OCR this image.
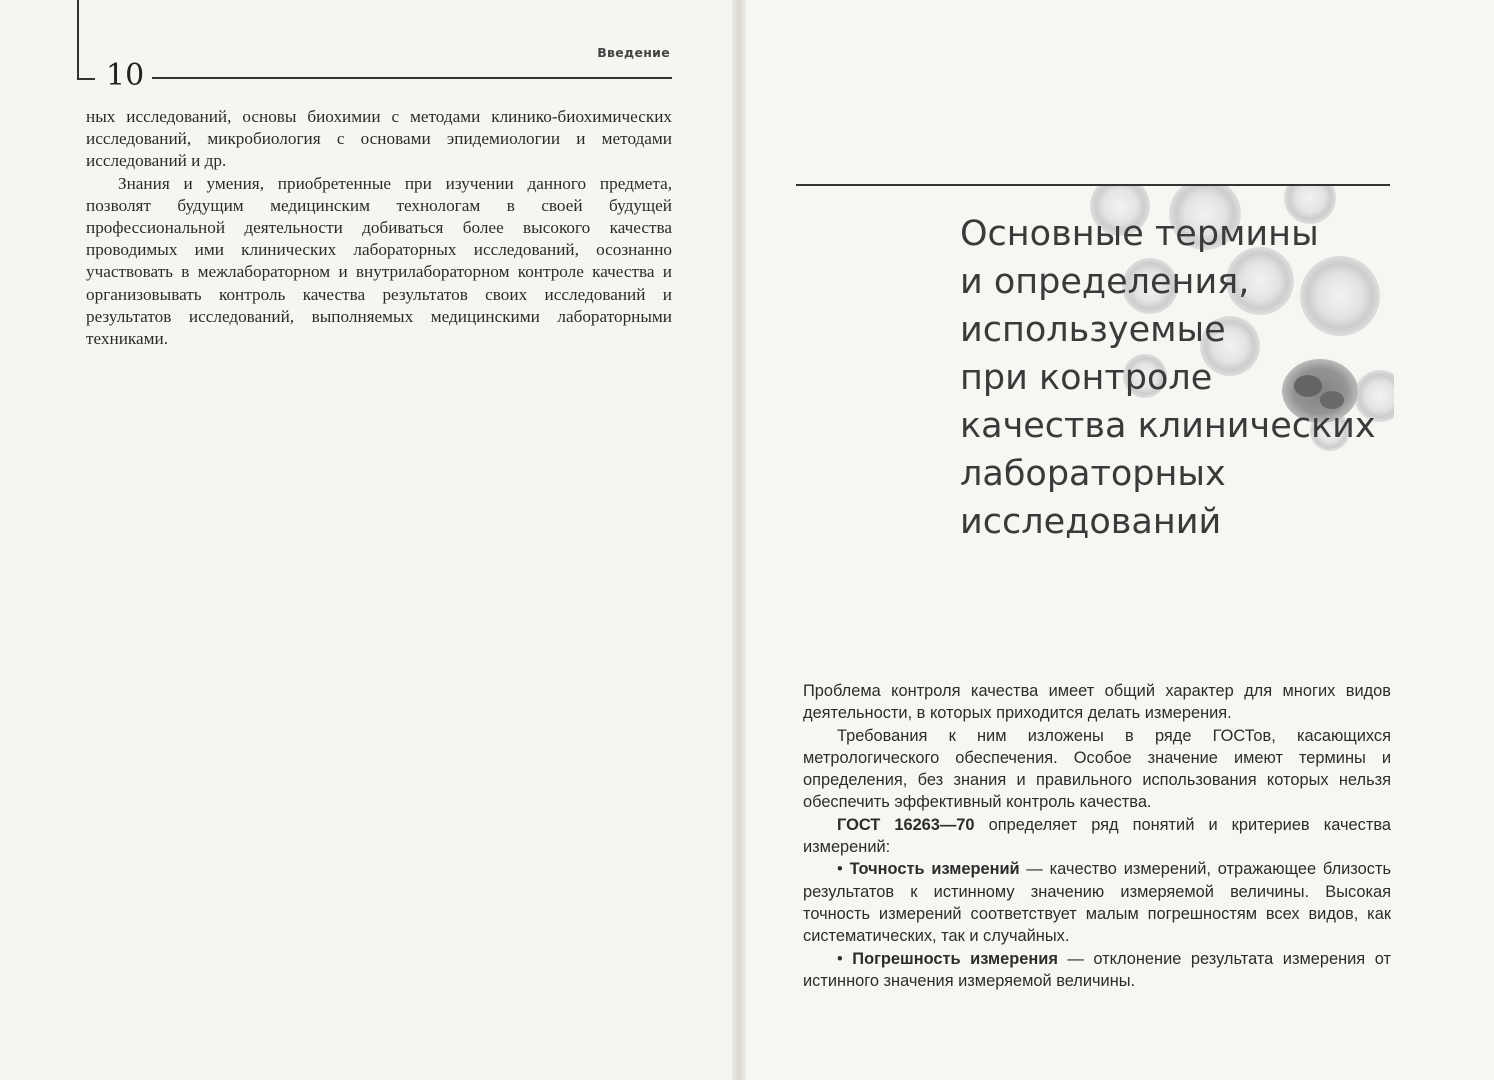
10
Введение

ных исследований, основы биохимии с методами клинико-биохимических исследований, микробиология с основами эпидемиологии и методами исследований и др.

Знания и умения, приобретенные при изучении данного предмета, позволят будущим медицинским технологам в своей будущей профессиональной деятельности добиваться более высокого качества проводимых ими клинических лабораторных исследований, осознанно участвовать в межлабораторном и внутрилабораторном контроле качества и организовывать контроль качества результатов своих исследований и результатов исследований, выполняемых медицинскими лабораторными техниками.

Основные термины
и определения,
используемые
при контроле
качества клинических
лабораторных
исследований

Проблема контроля качества имеет общий характер для многих видов деятельности, в которых приходится делать измерения.

Требования к ним изложены в ряде ГОСТов, касающихся метрологического обеспечения. Особое значение имеют термины и определения, без знания и правильного использования которых нельзя обеспечить эффективный контроль качества.

ГОСТ 16263—70 определяет ряд понятий и критериев качества измерений:

• Точность измерений — качество измерений, отражающее близость результатов к истинному значению измеряемой величины. Высокая точность измерений соответствует малым погрешностям всех видов, как систематических, так и случайных.

• Погрешность измерения — отклонение результата измерения от истинного значения измеряемой величины.
